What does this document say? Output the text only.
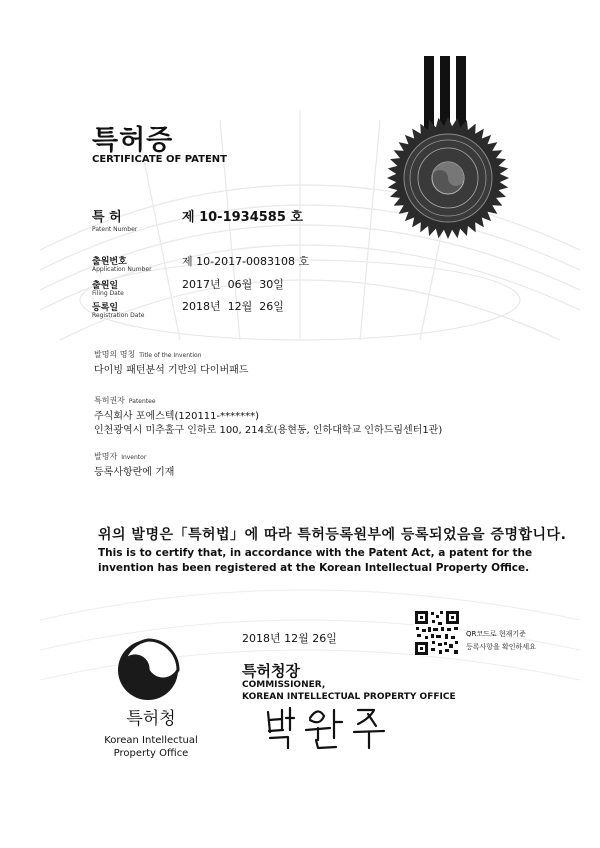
특허증
CERTIFICATE OF PATENT
특 허
Patent Number
제 10-1934585 호
출원번호
Application Number
제 10-2017-0083108 호
출원일
Filing Date
2017년  06월  30일
등록일
Registration Date
2018년  12월  26일
발명의 명칭 Title of the Invention
다이빙 패턴분석 기반의 다이버패드
특허권자 Patentee
주식회사 포에스텍(120111-*******)
인천광역시 미추홀구 인하로 100, 214호(용현동, 인하대학교 인하드림센터1관)
발명자 Inventor
등록사항란에 기재
위의 발명은「특허법」에 따라 특허등록원부에 등록되었음을 증명합니다.
This is to certify that, in accordance with the Patent Act, a patent for the invention has been registered at the Korean Intellectual Property Office.
2018년 12월 26일	QR코드로 현재기준
등록사항을 확인하세요
특허청장
COMMISSIONER,
KOREAN INTELLECTUAL PROPERTY OFFICE
특허청
Korean Intellectual
Property Office
